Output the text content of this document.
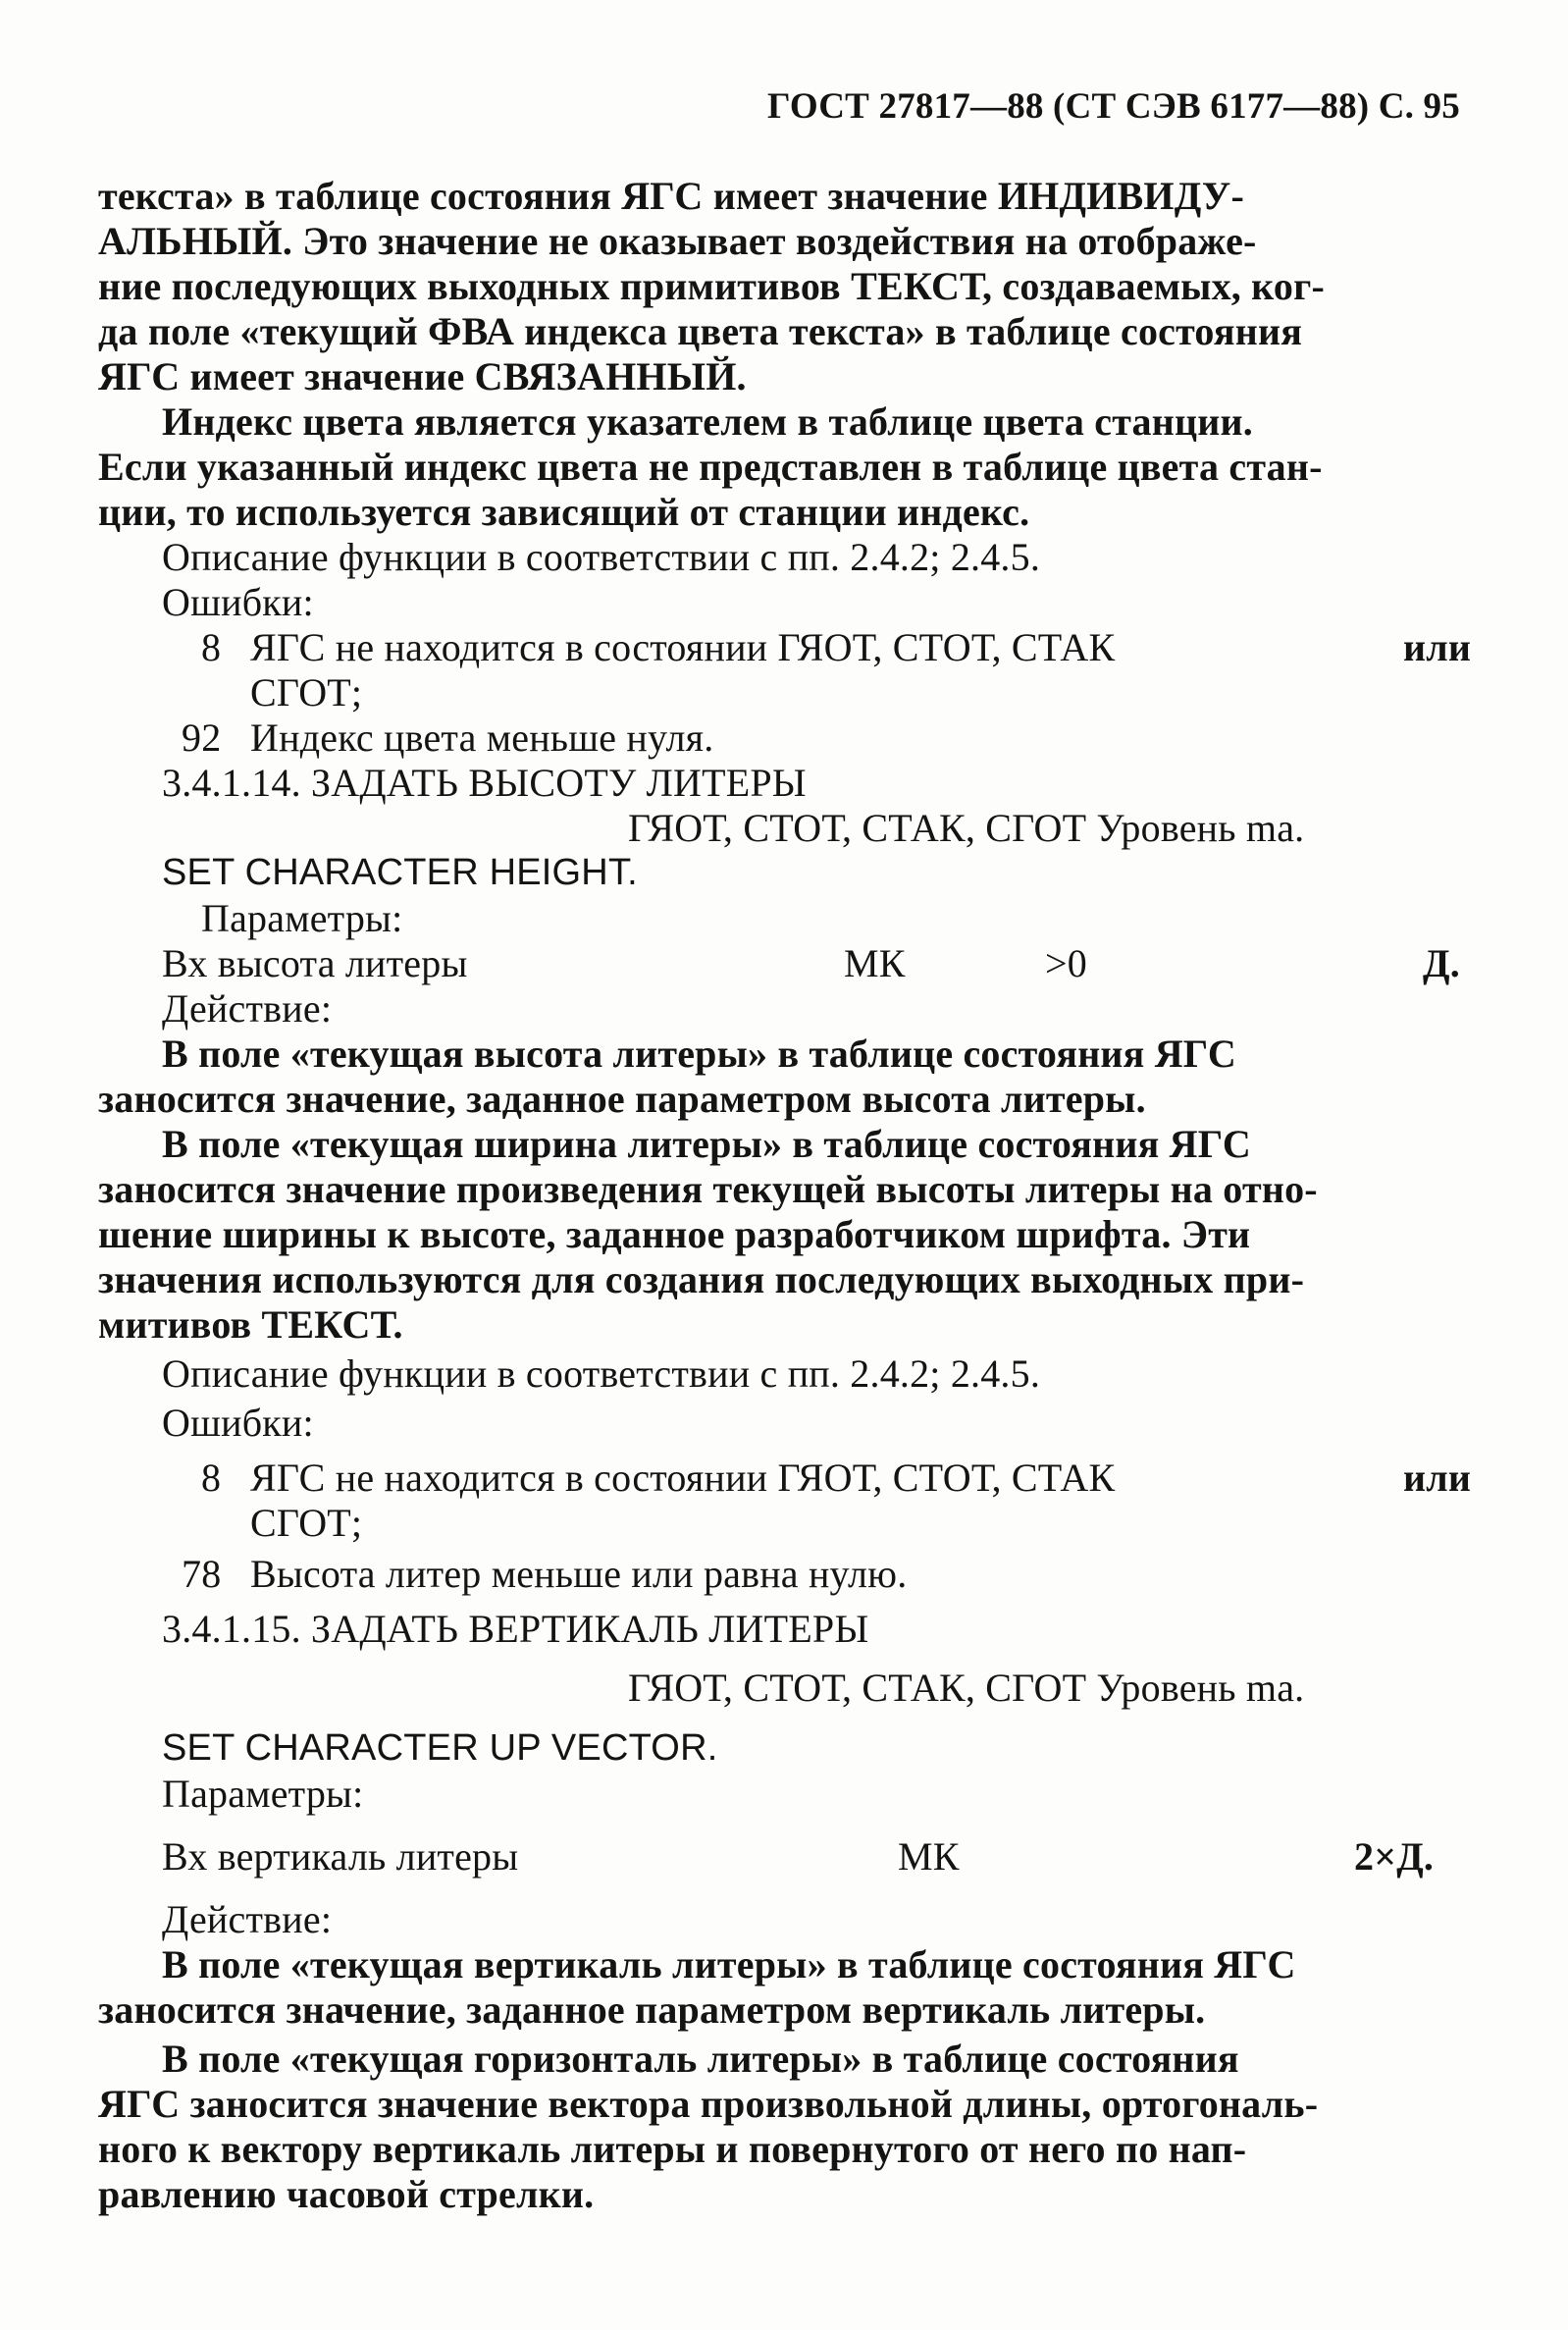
ГОСТ 27817—88 (СТ СЭВ 6177—88) С. 95
текста» в таблице состояния ЯГС имеет значение ИНДИВИДУ-
АЛЬНЫЙ. Это значение не оказывает воздействия на отображе-
ние последующих выходных примитивов ТЕКСТ, создаваемых, ког-
да поле «текущий ФВА индекса цвета текста» в таблице состояния
ЯГС имеет значение СВЯЗАННЫЙ.
Индекс цвета является указателем в таблице цвета станции.
Если указанный индекс цвета не представлен в таблице цвета стан-
ции, то используется зависящий от станции индекс.
Описание функции в соответствии с пп. 2.4.2; 2.4.5.
Ошибки:
8 ЯГС не находится в состоянии ГЯОТ, СТОТ, СТАК	или
СГОТ;
92 Индекс цвета меньше нуля.
3.4.1.14. ЗАДАТЬ ВЫСОТУ ЛИТЕРЫ
ГЯОТ, СТОТ, СТАК, СГОТ Уровень ma.
SET CHARACTER HEIGHT.
Параметры:
Вх высота литеры	МК	>0	Д.
Действие:
В поле «текущая высота литеры» в таблице состояния ЯГС
заносится значение, заданное параметром высота литеры.
В поле «текущая ширина литеры» в таблице состояния ЯГС
заносится значение произведения текущей высоты литеры на отно-
шение ширины к высоте, заданное разработчиком шрифта. Эти
значения используются для создания последующих выходных при-
митивов ТЕКСТ.
Описание функции в соответствии с пп. 2.4.2; 2.4.5.
Ошибки:
8 ЯГС не находится в состоянии ГЯОТ, СТОТ, СТАК	или
СГОТ;
78 Высота литер меньше или равна нулю.
3.4.1.15. ЗАДАТЬ ВЕРТИКАЛЬ ЛИТЕРЫ
ГЯОТ, СТОТ, СТАК, СГОТ Уровень ma.
SET CHARACTER UP VECTOR.
Параметры:
Вх вертикаль литеры	МК	2×Д.
Действие:
В поле «текущая вертикаль литеры» в таблице состояния ЯГС
заносится значение, заданное параметром вертикаль литеры.
В поле «текущая горизонталь литеры» в таблице состояния
ЯГС заносится значение вектора произвольной длины, ортогональ-
ного к вектору вертикаль литеры и повернутого от него по нап-
равлению часовой стрелки.
